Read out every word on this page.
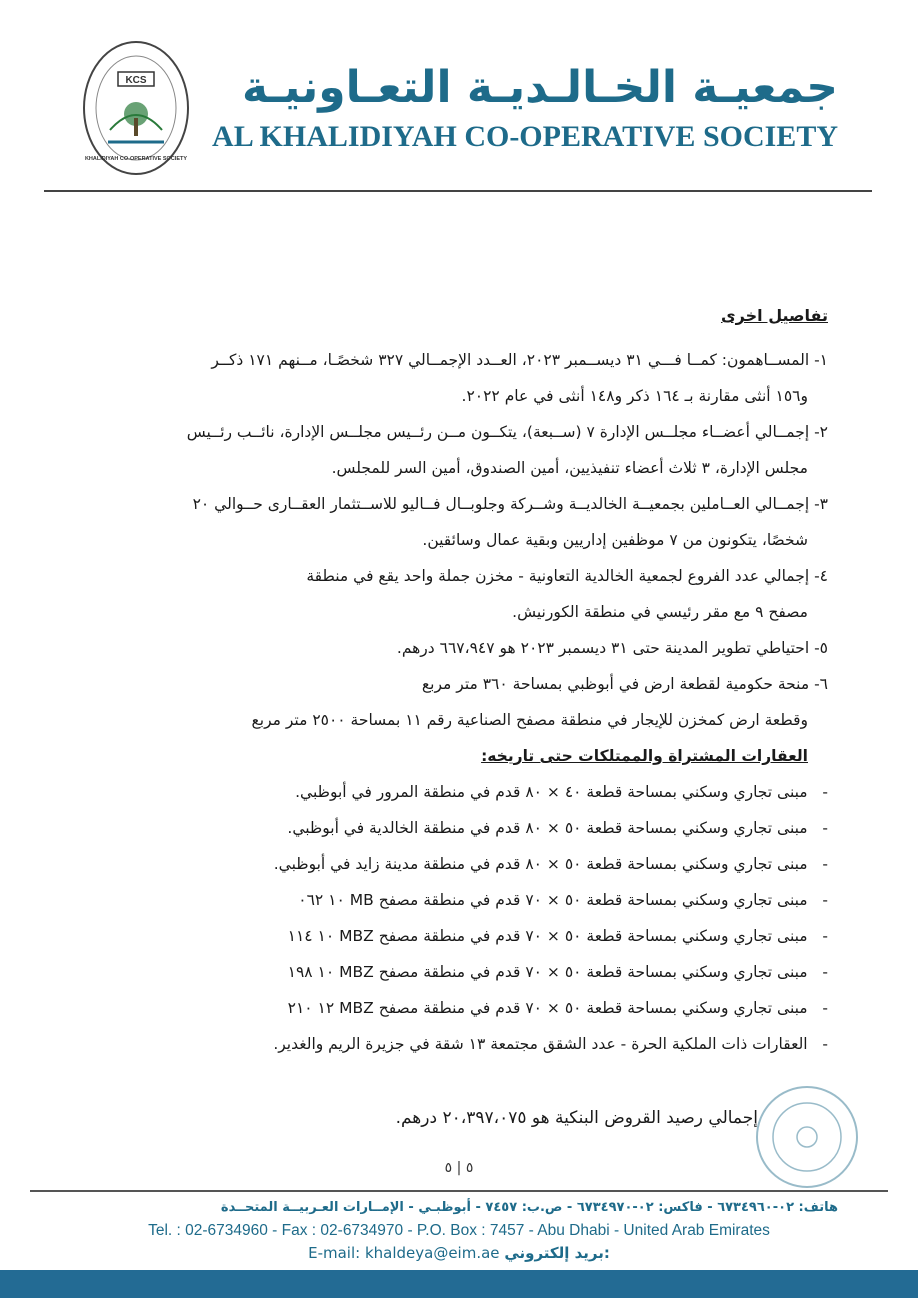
KCS
KHALIDIYAH CO-OPERATIVE SOCIETY
جمعيـة الخـالـديـة التعـاونيـة
AL KHALIDIYAH CO-OPERATIVE SOCIETY
تفاصيل اخرى
١- المســاهمون: كمــا فـــي ٣١ ديســمبر ٢٠٢٣، العــدد الإجمــالي ٣٢٧ شخصًـا، مــنهم ١٧١ ذكــر
و١٥٦ أنثى مقارنة بـ ١٦٤ ذكر و١٤٨ أنثى في عام ٢٠٢٢.
٢- إجمــالي أعضــاء مجلــس الإدارة ٧ (ســبعة)، يتكــون مــن رئــيس مجلــس الإدارة، نائــب رئــيس
مجلس الإدارة، ٣ ثلاث أعضاء تنفيذيين، أمين الصندوق، أمين السر للمجلس.
٣- إجمــالي العــاملين بجمعيــة الخالديــة وشــركة وجلوبــال فــاليو للاســتثمار العقــارى حــوالي ٢٠
شخصًا، يتكونون من ٧ موظفين إداريين وبقية عمال وسائقين.
٤- إجمالي عدد الفروع لجمعية الخالدية التعاونية - مخزن جملة واحد يقع في منطقة
مصفح ٩ مع مقر رئيسي في منطقة الكورنيش.
٥- احتياطي تطوير المدينة حتى ٣١ ديسمبر ٢٠٢٣ هو ٦٦٧،٩٤٧ درهم.
٦- منحة حكومية لقطعة ارض في أبوظبي بمساحة ٣٦٠ متر مربع
وقطعة ارض كمخزن للإيجار في منطقة مصفح الصناعية رقم ١١ بمساحة ٢٥٠٠ متر مربع
العقارات المشتراة والممتلكات حتى تاريخه:
-   مبنى تجاري وسكني بمساحة قطعة ٤٠ × ٨٠ قدم في منطقة المرور في أبوظبي.
-   مبنى تجاري وسكني بمساحة قطعة ٥٠ × ٨٠ قدم في منطقة الخالدية في أبوظبي.
-   مبنى تجاري وسكني بمساحة قطعة ٥٠ × ٨٠ قدم في منطقة مدينة زايد في أبوظبي.
-   مبنى تجاري وسكني بمساحة قطعة ٥٠ × ٧٠ قدم في منطقة مصفح MB ١٠ ٠٦٢
-   مبنى تجاري وسكني بمساحة قطعة ٥٠ × ٧٠ قدم في منطقة مصفح MBZ ١٠ ١١٤
-   مبنى تجاري وسكني بمساحة قطعة ٥٠ × ٧٠ قدم في منطقة مصفح MBZ ١٠ ١٩٨
-   مبنى تجاري وسكني بمساحة قطعة ٥٠ × ٧٠ قدم في منطقة مصفح MBZ ١٢ ٢١٠
-   العقارات ذات الملكية الحرة - عدد الشقق مجتمعة ١٣ شقة في جزيرة الريم والغدير.
إجمالي رصيد القروض البنكية هو ٢٠،٣٩٧،٠٧٥ درهم.
٥ | ٥
هاتف: ٠٢-٦٧٣٤٩٦٠ - فاكس: ٠٢-٦٧٣٤٩٧٠ - ص.ب: ٧٤٥٧ - أبوظبـي - الإمــارات العـربيــة المتحــدة
Tel. : 02-6734960 - Fax : 02-6734970 - P.O. Box : 7457 - Abu Dhabi - United Arab Emirates
E-mail: khaldeya@eim.ae بريد إلكتروني:
